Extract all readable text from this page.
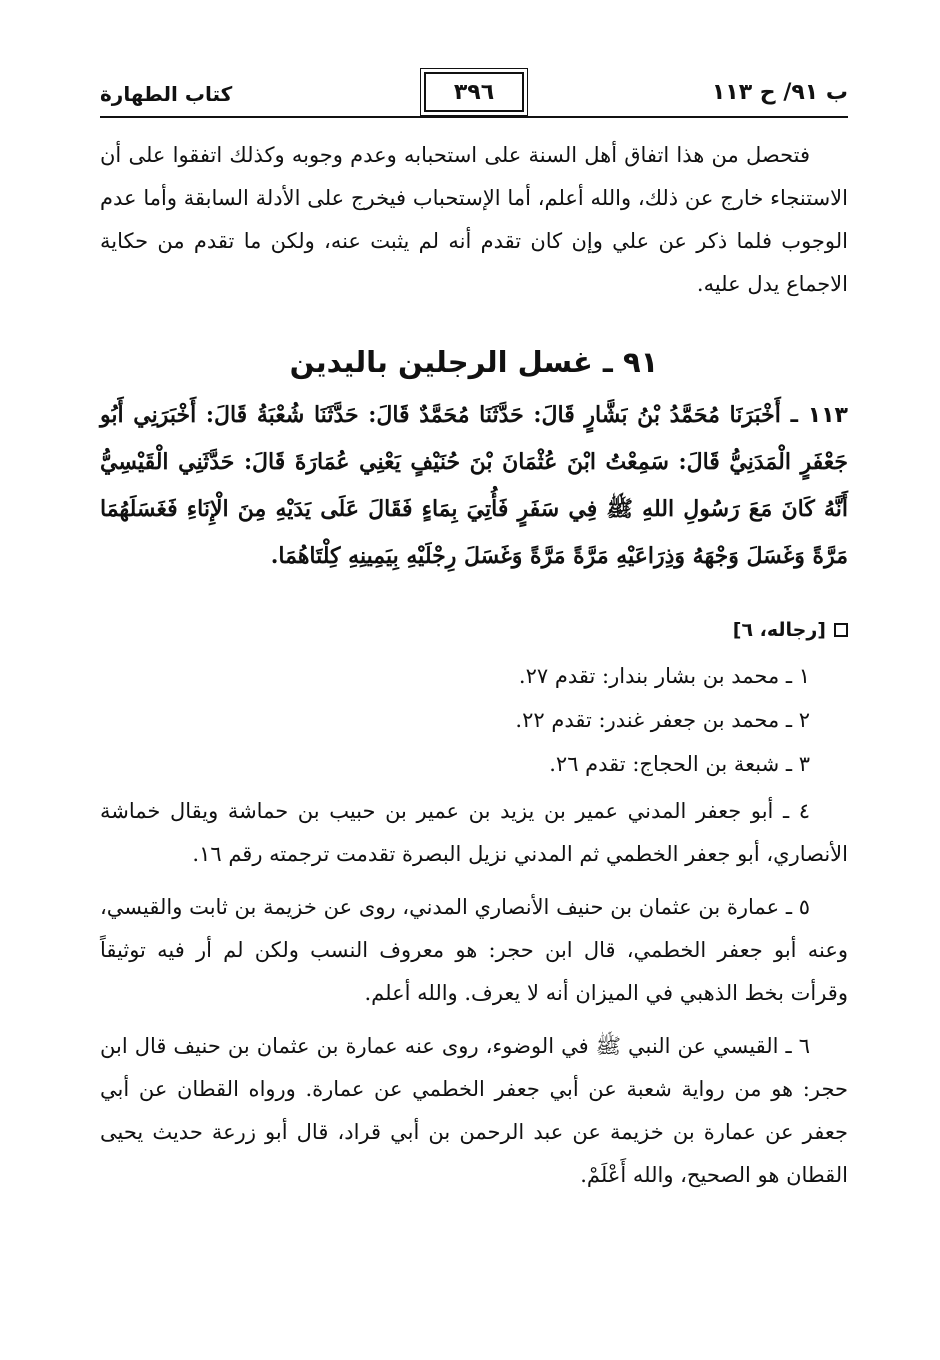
ب ٩١/ ح ١١٣
٣٩٦
كتاب الطهارة

فتحصل من هذا اتفاق أهل السنة على استحبابه وعدم وجوبه وكذلك اتفقوا على أن الاستنجاء خارج عن ذلك، والله أعلم، أما الإستحباب فيخرج على الأدلة السابقة وأما عدم الوجوب فلما ذكر عن علي وإن كان تقدم أنه لم يثبت عنه، ولكن ما تقدم من حكاية الاجماع يدل عليه.

٩١ ـ غسل الرجلين باليدين

١١٣ ـ أَخْبَرَنَا مُحَمَّدُ بْنُ بَشَّارٍ قَالَ: حَدَّثَنَا مُحَمَّدٌ قَالَ: حَدَّثَنَا شُعْبَةُ قَالَ: أَخْبَرَنِي أَبُو جَعْفَرٍ الْمَدَنِيُّ قَالَ: سَمِعْتُ ابْنَ عُثْمَانَ بْنَ حُنَيْفٍ يَعْنِي عُمَارَةَ قَالَ: حَدَّثَنِي الْقَيْسِيُّ أَنَّهُ كَانَ مَعَ رَسُولِ اللهِ ﷺ فِي سَفَرٍ فَأُتِيَ بِمَاءٍ فَقَالَ عَلَى يَدَيْهِ مِنَ الْإِنَاءِ فَغَسَلَهُمَا مَرَّةً وَغَسَلَ وَجْهَهُ وَذِرَاعَيْهِ مَرَّةً مَرَّةً وَغَسَلَ رِجْلَيْهِ بِيَمِينِهِ كِلْتَاهُمَا.

[رجاله، ٦]

١ ـ محمد بن بشار بندار: تقدم ٢٧.

٢ ـ محمد بن جعفر غندر: تقدم ٢٢.

٣ ـ شبعة بن الحجاج: تقدم ٢٦.

٤ ـ أبو جعفر المدني عمير بن يزيد بن عمير بن حبيب بن حماشة ويقال خماشة الأنصاري، أبو جعفر الخطمي ثم المدني نزيل البصرة تقدمت ترجمته رقم ١٦.

٥ ـ عمارة بن عثمان بن حنيف الأنصاري المدني، روى عن خزيمة بن ثابت والقيسي، وعنه أبو جعفر الخطمي، قال ابن حجر: هو معروف النسب ولكن لم أر فيه توثيقاً وقرأت بخط الذهبي في الميزان أنه لا يعرف. والله أعلم.

٦ ـ القيسي عن النبي ﷺ في الوضوء، روى عنه عمارة بن عثمان بن حنيف قال ابن حجر: هو من رواية شعبة عن أبي جعفر الخطمي عن عمارة. ورواه القطان عن أبي جعفر عن عمارة بن خزيمة عن عبد الرحمن بن أبي قراد، قال أبو زرعة حديث يحيى القطان هو الصحيح، والله أَعْلَمْ.
